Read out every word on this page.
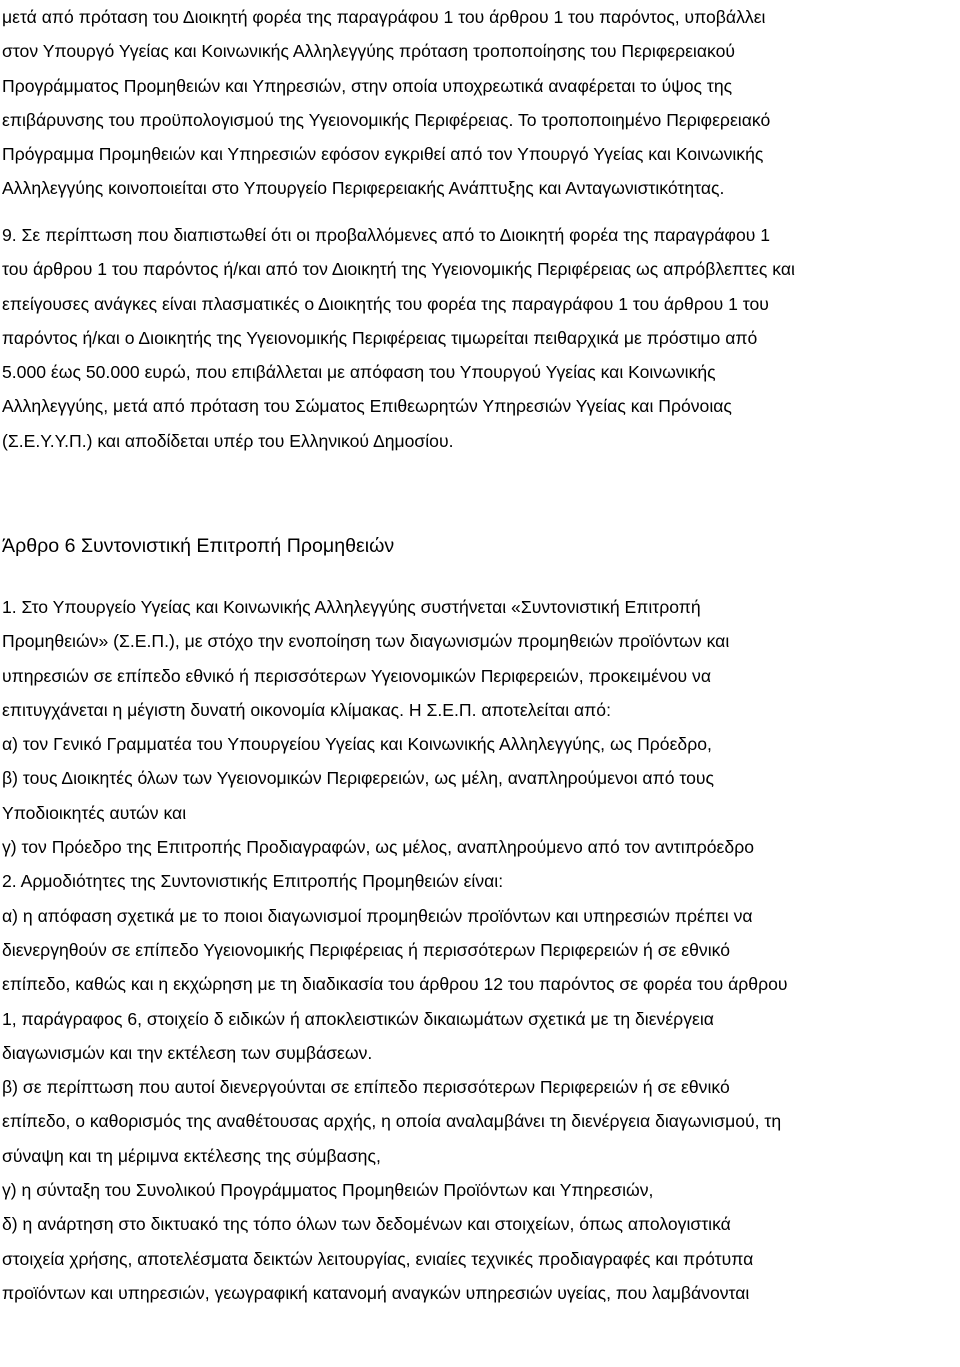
μετά από πρόταση του Διοικητή φορέα της παραγράφου 1 του άρθρου 1 του παρόντος, υποβάλλει

στον Υπουργό Υγείας και Κοινωνικής Αλληλεγγύης πρόταση τροποποίησης του Περιφερειακού

Προγράμματος Προμηθειών και Υπηρεσιών, στην οποία υποχρεωτικά αναφέρεται το ύψος της

επιβάρυνσης του προϋπολογισμού της Υγειονομικής Περιφέρειας. Το τροποποιημένο Περιφερειακό

Πρόγραμμα Προμηθειών και Υπηρεσιών εφόσον εγκριθεί από τον Υπουργό Υγείας και Κοινωνικής

Αλληλεγγύης κοινοποιείται στο Υπουργείο Περιφερειακής Ανάπτυξης και Ανταγωνιστικότητας.

9. Σε περίπτωση που διαπιστωθεί ότι οι προβαλλόμενες από το Διοικητή φορέα της παραγράφου 1

του άρθρου 1 του παρόντος ή/και από τον Διοικητή της Υγειονομικής Περιφέρειας ως απρόβλεπτες και

επείγουσες ανάγκες είναι πλασματικές ο Διοικητής του φορέα της παραγράφου 1 του άρθρου 1 του

παρόντος ή/και ο Διοικητής της Υγειονομικής Περιφέρειας τιμωρείται πειθαρχικά με πρόστιμο από

5.000 έως 50.000 ευρώ, που επιβάλλεται με απόφαση του Υπουργού Υγείας και Κοινωνικής

Αλληλεγγύης, μετά από πρόταση του Σώματος Επιθεωρητών Υπηρεσιών Υγείας και Πρόνοιας

(Σ.Ε.Υ.Υ.Π.) και αποδίδεται υπέρ του Ελληνικού Δημοσίου.

Άρθρο 6 Συντονιστική Επιτροπή Προμηθειών

1. Στο Υπουργείο Υγείας και Κοινωνικής Αλληλεγγύης συστήνεται «Συντονιστική Επιτροπή

Προμηθειών» (Σ.Ε.Π.), με στόχο την ενοποίηση των διαγωνισμών προμηθειών προϊόντων και

υπηρεσιών σε επίπεδο εθνικό ή περισσότερων Υγειονομικών Περιφερειών, προκειμένου να

επιτυγχάνεται η μέγιστη δυνατή οικονομία κλίμακας. Η Σ.Ε.Π. αποτελείται από:

α) τον Γενικό Γραμματέα του Υπουργείου Υγείας και Κοινωνικής Αλληλεγγύης, ως Πρόεδρο,

β) τους Διοικητές όλων των Υγειονομικών Περιφερειών, ως μέλη, αναπληρούμενοι από τους

Υποδιοικητές αυτών και

γ) τον Πρόεδρο της Επιτροπής Προδιαγραφών, ως μέλος, αναπληρούμενο από τον αντιπρόεδρο

2. Αρμοδιότητες της Συντονιστικής Επιτροπής Προμηθειών είναι:

α) η απόφαση σχετικά με το ποιοι διαγωνισμοί προμηθειών προϊόντων και υπηρεσιών πρέπει να

διενεργηθούν σε επίπεδο Υγειονομικής Περιφέρειας ή περισσότερων Περιφερειών ή σε εθνικό

επίπεδο, καθώς και η εκχώρηση με τη διαδικασία του άρθρου 12 του παρόντος σε φορέα του άρθρου

1, παράγραφος 6, στοιχείο δ ειδικών ή αποκλειστικών δικαιωμάτων σχετικά με τη διενέργεια

διαγωνισμών και την εκτέλεση των συμβάσεων.

β) σε περίπτωση που αυτοί διενεργούνται σε επίπεδο περισσότερων Περιφερειών ή σε εθνικό

επίπεδο, ο καθορισμός της αναθέτουσας αρχής, η οποία αναλαμβάνει τη διενέργεια διαγωνισμού, τη

σύναψη και τη μέριμνα εκτέλεσης της σύμβασης,

γ) η σύνταξη του Συνολικού Προγράμματος Προμηθειών Προϊόντων και Υπηρεσιών,

δ) η ανάρτηση στο δικτυακό της τόπο όλων των δεδομένων και στοιχείων, όπως απολογιστικά

στοιχεία χρήσης, αποτελέσματα δεικτών λειτουργίας, ενιαίες τεχνικές προδιαγραφές και πρότυπα

προϊόντων και υπηρεσιών, γεωγραφική κατανομή αναγκών υπηρεσιών υγείας, που λαμβάνονται
